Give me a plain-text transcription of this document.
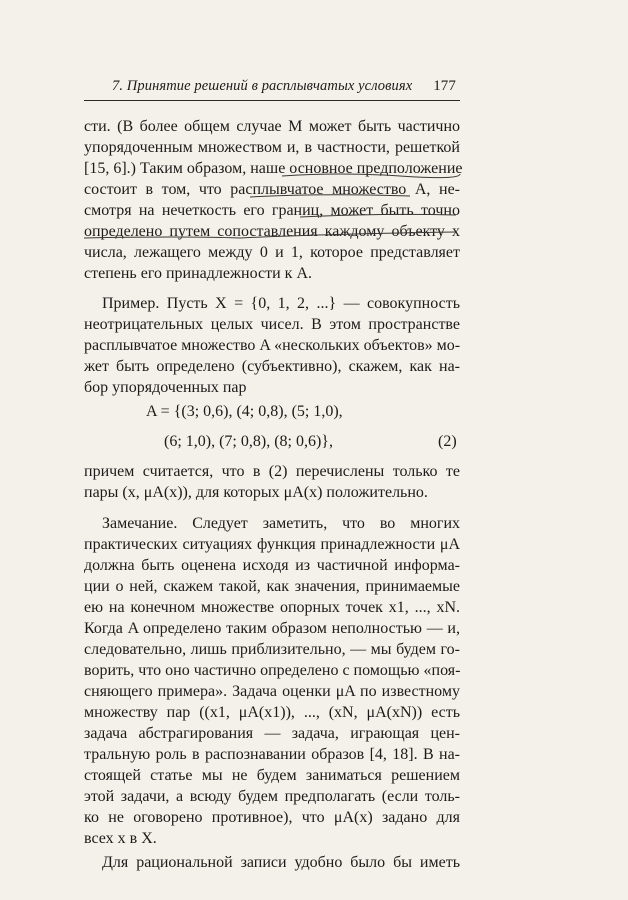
7. Принятие решений в расплывчатых условиях 177
сти. (В более общем случае M может быть частично
упорядоченным множеством и, в частности, решеткой
[15, 6].) Таким образом, наше основное предположение
состоит в том, что расплывчатое множество A, не-
смотря на нечеткость его границ, может быть точно
определено путем сопоставления каждому объекту x
числа, лежащего между 0 и 1, которое представляет
степень его принадлежности к A.
Пример. Пусть X = {0, 1, 2, ...} — совокупность
неотрицательных целых чисел. В этом пространстве
расплывчатое множество A «нескольких объектов» мо-
жет быть определено (субъективно), скажем, как на-
бор упорядоченных пар
A = {(3; 0,6), (4; 0,8), (5; 1,0),
(6; 1,0), (7; 0,8), (8; 0,6)},	(2)
причем считается, что в (2) перечислены только те
пары (x, μA(x)), для которых μA(x) положительно.
Замечание. Следует заметить, что во многих
практических ситуациях функция принадлежности μA
должна быть оценена исходя из частичной информа-
ции о ней, скажем такой, как значения, принимаемые
ею на конечном множестве опорных точек x1, ..., xN.
Когда A определено таким образом неполностью — и,
следовательно, лишь приблизительно, — мы будем го-
ворить, что оно частично определено с помощью «поя-
сняющего примера». Задача оценки μA по известному
множеству пар ((x1, μA(x1)), ..., (xN, μA(xN)) есть
задача абстрагирования — задача, играющая цен-
тральную роль в распознавании образов [4, 18]. В на-
стоящей статье мы не будем заниматься решением
этой задачи, а всюду будем предполагать (если толь-
ко не оговорено противное), что μA(x) задано для
всех x в X.
Для рациональной записи удобно было бы иметь
